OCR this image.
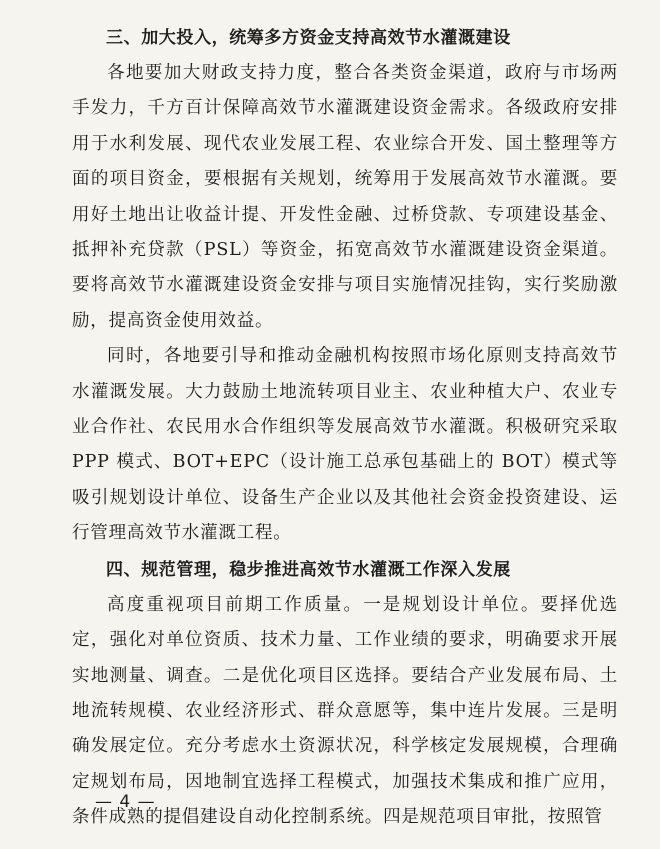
三、加大投入，统筹多方资金支持高效节水灌溉建设

各地要加大财政支持力度，整合各类资金渠道，政府与市场两手发力，千方百计保障高效节水灌溉建设资金需求。各级政府安排用于水利发展、现代农业发展工程、农业综合开发、国土整理等方面的项目资金，要根据有关规划，统筹用于发展高效节水灌溉。要用好土地出让收益计提、开发性金融、过桥贷款、专项建设基金、抵押补充贷款（PSL）等资金，拓宽高效节水灌溉建设资金渠道。要将高效节水灌溉建设资金安排与项目实施情况挂钩，实行奖励激励，提高资金使用效益。

同时，各地要引导和推动金融机构按照市场化原则支持高效节水灌溉发展。大力鼓励土地流转项目业主、农业种植大户、农业专业合作社、农民用水合作组织等发展高效节水灌溉。积极研究采取 PPP 模式、BOT+EPC（设计施工总承包基础上的 BOT）模式等吸引规划设计单位、设备生产企业以及其他社会资金投资建设、运行管理高效节水灌溉工程。

四、规范管理，稳步推进高效节水灌溉工作深入发展

高度重视项目前期工作质量。一是规划设计单位。要择优选定，强化对单位资质、技术力量、工作业绩的要求，明确要求开展实地测量、调查。二是优化项目区选择。要结合产业发展布局、土地流转规模、农业经济形式、群众意愿等，集中连片发展。三是明确发展定位。充分考虑水土资源状况，科学核定发展规模，合理确定规划布局，因地制宜选择工程模式，加强技术集成和推广应用，条件成熟的提倡建设自动化控制系统。四是规范项目审批，按照管

— 4 —
